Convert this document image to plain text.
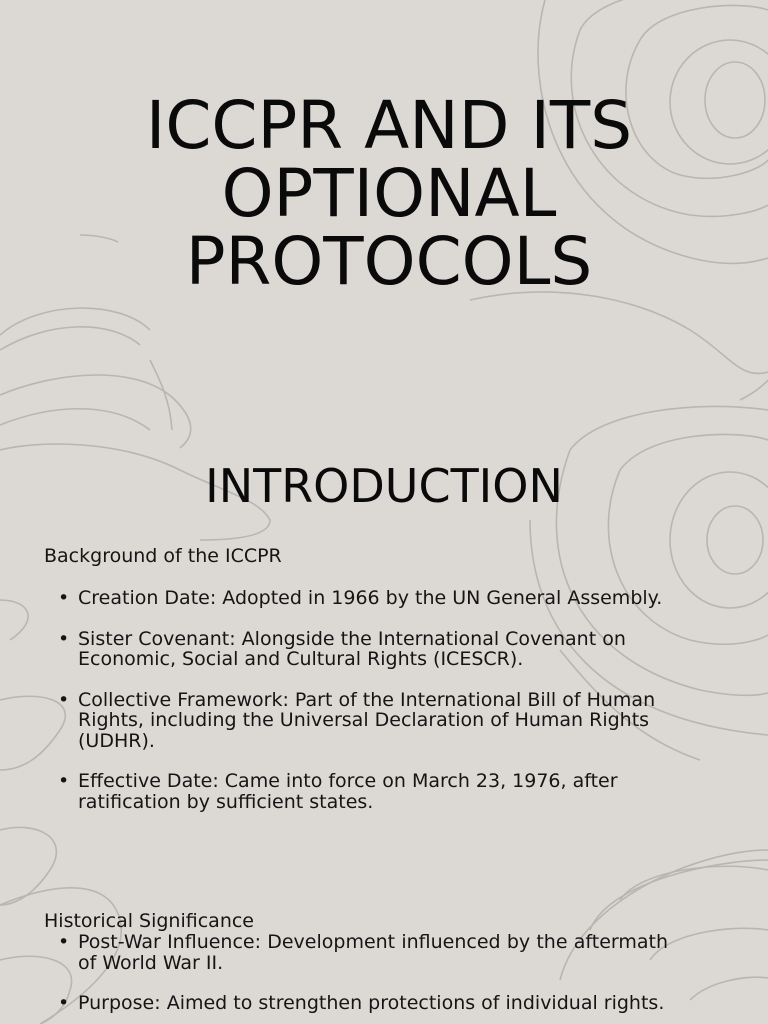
ICCPR AND ITS
OPTIONAL
PROTOCOLS
INTRODUCTION
Background of the ICCPR
• Creation Date: Adopted in 1966 by the UN General Assembly.
• Sister Covenant: Alongside the International Covenant on Economic, Social and Cultural Rights (ICESCR).
• Collective Framework: Part of the International Bill of Human Rights, including the Universal Declaration of Human Rights (UDHR).
• Effective Date: Came into force on March 23, 1976, after ratification by sufficient states.
Historical Significance
• Post-War Influence: Development influenced by the aftermath of World War II.
• Purpose: Aimed to strengthen protections of individual rights.
